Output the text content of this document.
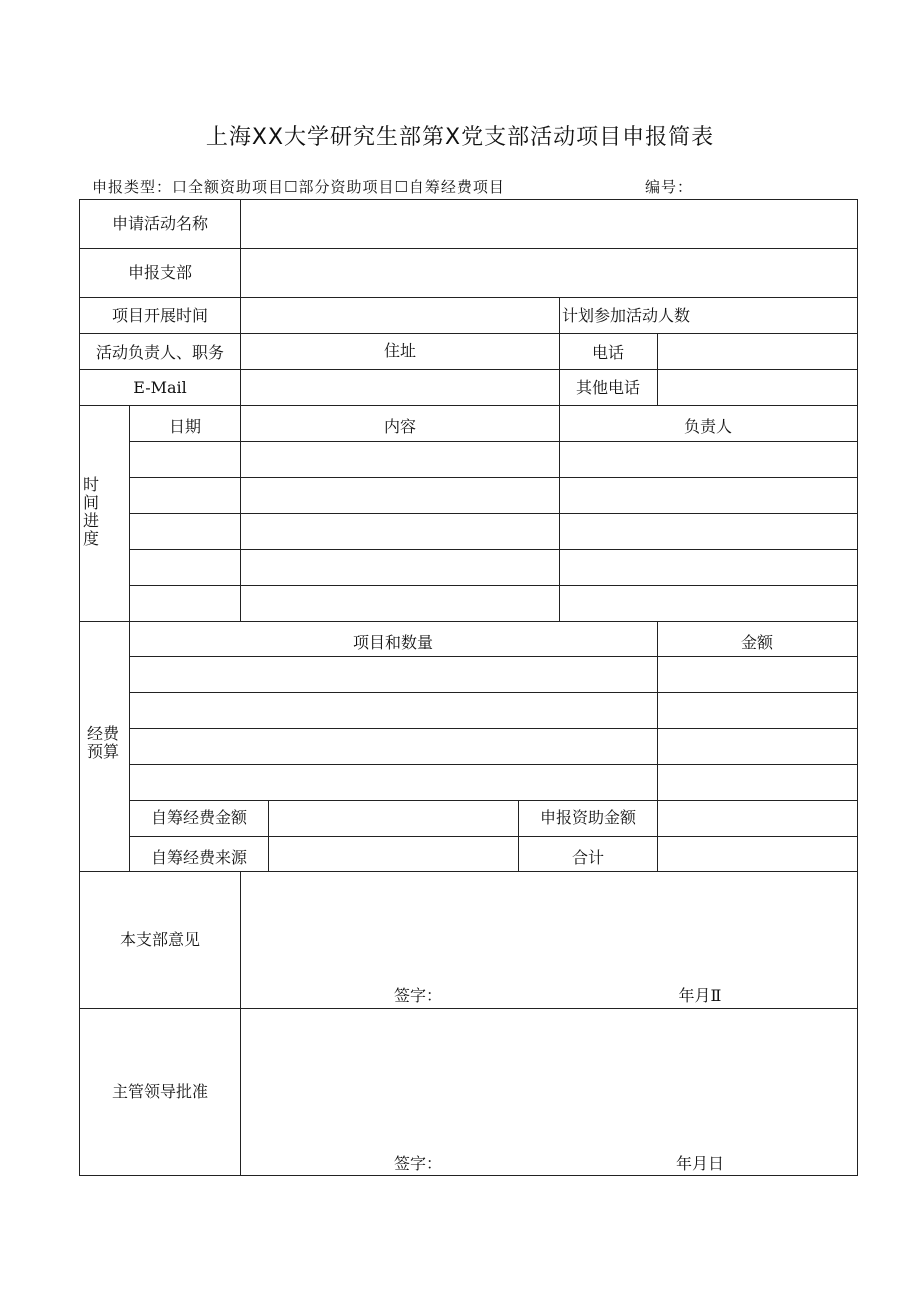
上海XX大学研究生部第X党支部活动项目申报简表
申报类型：口全额资助项目☐部分资助项目☐自筹经费项目	编号：
申请活动名称
申报支部
项目开展时间	计划参加活动人数
活动负责人、职务	住址	电话
E-Mail	其他电话
时间进度
日期	内容	负责人
经费预算
项目和数量	金额
自筹经费金额	申报资助金额
自筹经费来源	合计
本支部意见
签字：	年月Ⅱ
主管领导批准
签字：	年月日
